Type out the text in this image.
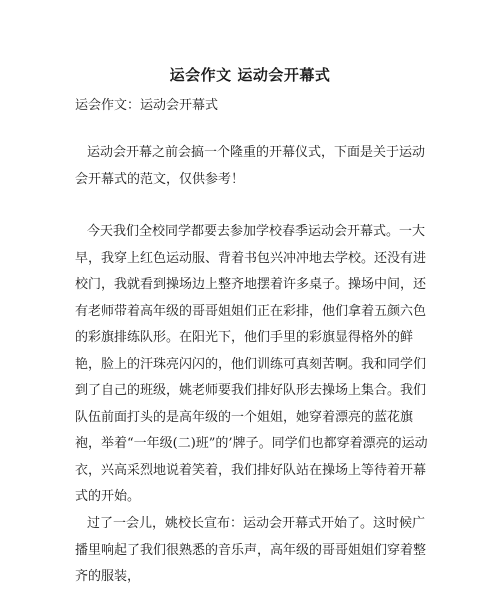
运会作文 运动会开幕式
运会作文：运动会开幕式

运动会开幕之前会搞一个隆重的开幕仪式，下面是关于运动会开幕式的范文，仅供参考！

今天我们全校同学都要去参加学校春季运动会开幕式。一大早，我穿上红色运动服、背着书包兴冲冲地去学校。还没有进校门，我就看到操场边上整齐地摆着许多桌子。操场中间，还有老师带着高年级的哥哥姐姐们正在彩排，他们拿着五颜六色的彩旗排练队形。在阳光下，他们手里的彩旗显得格外的鲜艳，脸上的汗珠亮闪闪的，他们训练可真刻苦啊。我和同学们到了自己的班级，姚老师要我们排好队形去操场上集合。我们队伍前面打头的是高年级的一个姐姐，她穿着漂亮的蓝花旗袍，举着“一年级(二)班”的’牌子。同学们也都穿着漂亮的运动衣，兴高采烈地说着笑着，我们排好队站在操场上等待着开幕式的开始。

过了一会儿，姚校长宣布：运动会开幕式开始了。这时候广播里响起了我们很熟悉的音乐声，高年级的哥哥姐姐们穿着整齐的服装，
